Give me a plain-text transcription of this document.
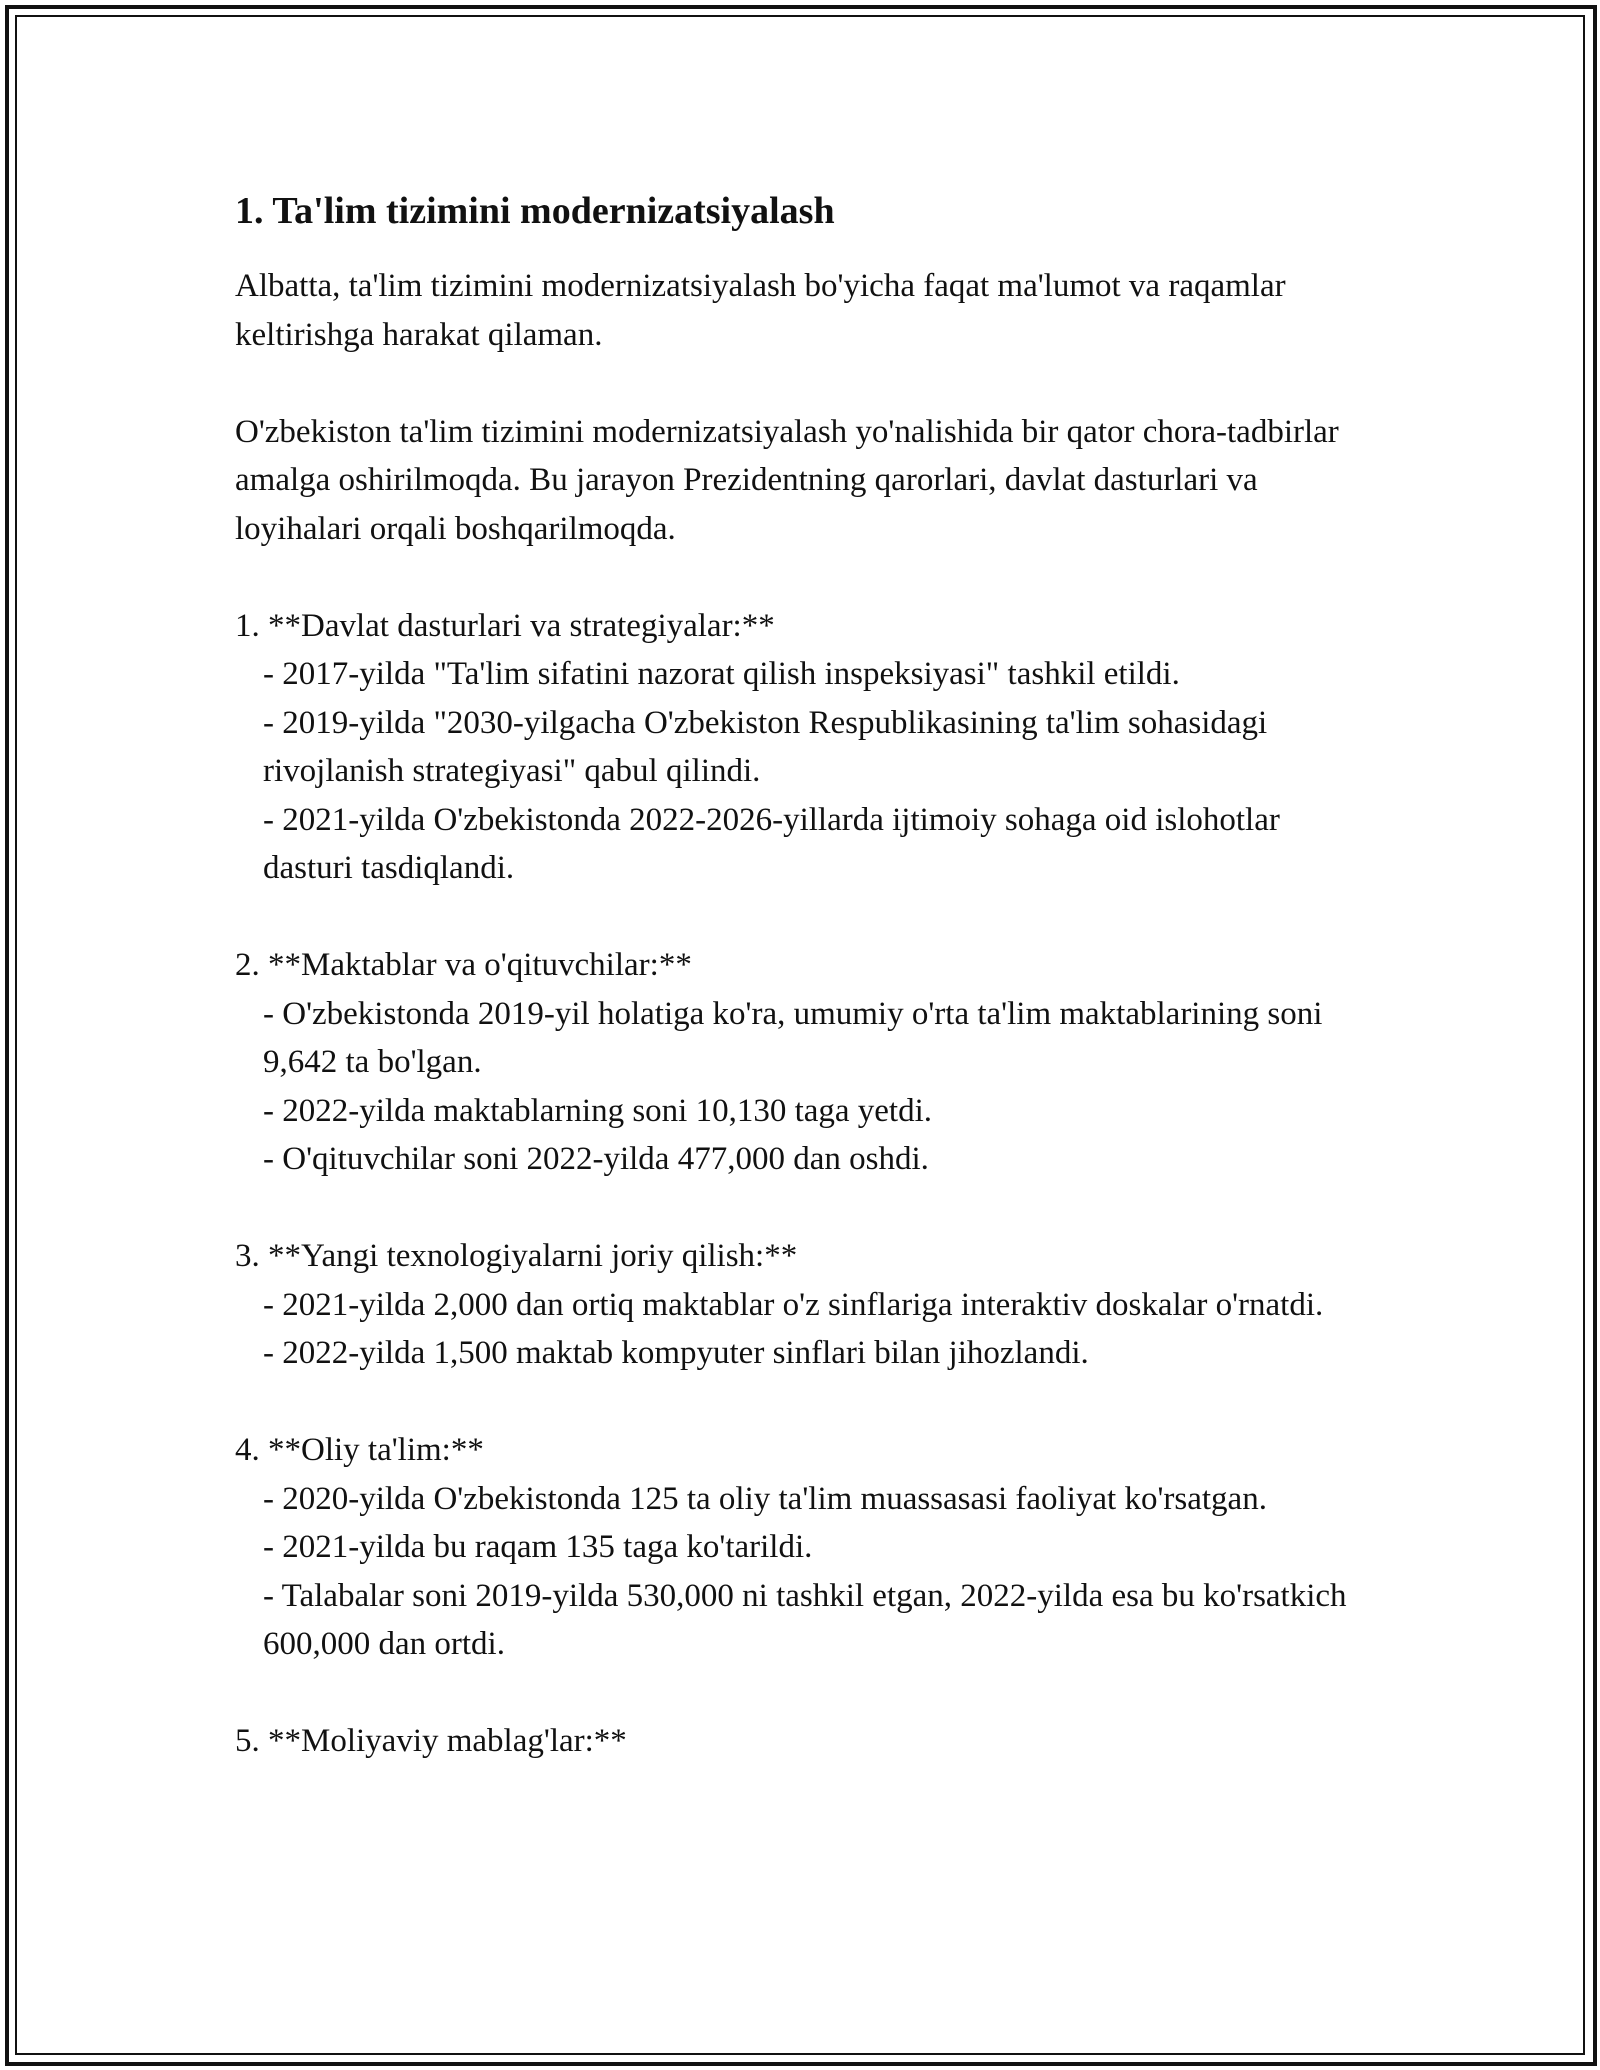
1. Ta'lim tizimini modernizatsiyalash

Albatta, ta'lim tizimini modernizatsiyalash bo'yicha faqat ma'lumot va raqamlar keltirishga harakat qilaman.

O'zbekiston ta'lim tizimini modernizatsiyalash yo'nalishida bir qator chora-tadbirlar amalga oshirilmoqda. Bu jarayon Prezidentning qarorlari, davlat dasturlari va loyihalari orqali boshqarilmoqda.

1. **Davlat dasturlari va strategiyalar:**

- 2017-yilda "Ta'lim sifatini nazorat qilish inspeksiyasi" tashkil etildi.

- 2019-yilda "2030-yilgacha O'zbekiston Respublikasining ta'lim sohasidagi rivojlanish strategiyasi" qabul qilindi.

- 2021-yilda O'zbekistonda 2022-2026-yillarda ijtimoiy sohaga oid islohotlar dasturi tasdiqlandi.

2. **Maktablar va o'qituvchilar:**

- O'zbekistonda 2019-yil holatiga ko'ra, umumiy o'rta ta'lim maktablarining soni 9,642 ta bo'lgan.

- 2022-yilda maktablarning soni 10,130 taga yetdi.

- O'qituvchilar soni 2022-yilda 477,000 dan oshdi.

3. **Yangi texnologiyalarni joriy qilish:**

- 2021-yilda 2,000 dan ortiq maktablar o'z sinflariga interaktiv doskalar o'rnatdi.

- 2022-yilda 1,500 maktab kompyuter sinflari bilan jihozlandi.

4. **Oliy ta'lim:**

- 2020-yilda O'zbekistonda 125 ta oliy ta'lim muassasasi faoliyat ko'rsatgan.

- 2021-yilda bu raqam 135 taga ko'tarildi.

- Talabalar soni 2019-yilda 530,000 ni tashkil etgan, 2022-yilda esa bu ko'rsatkich 600,000 dan ortdi.

5. **Moliyaviy mablag'lar:**
